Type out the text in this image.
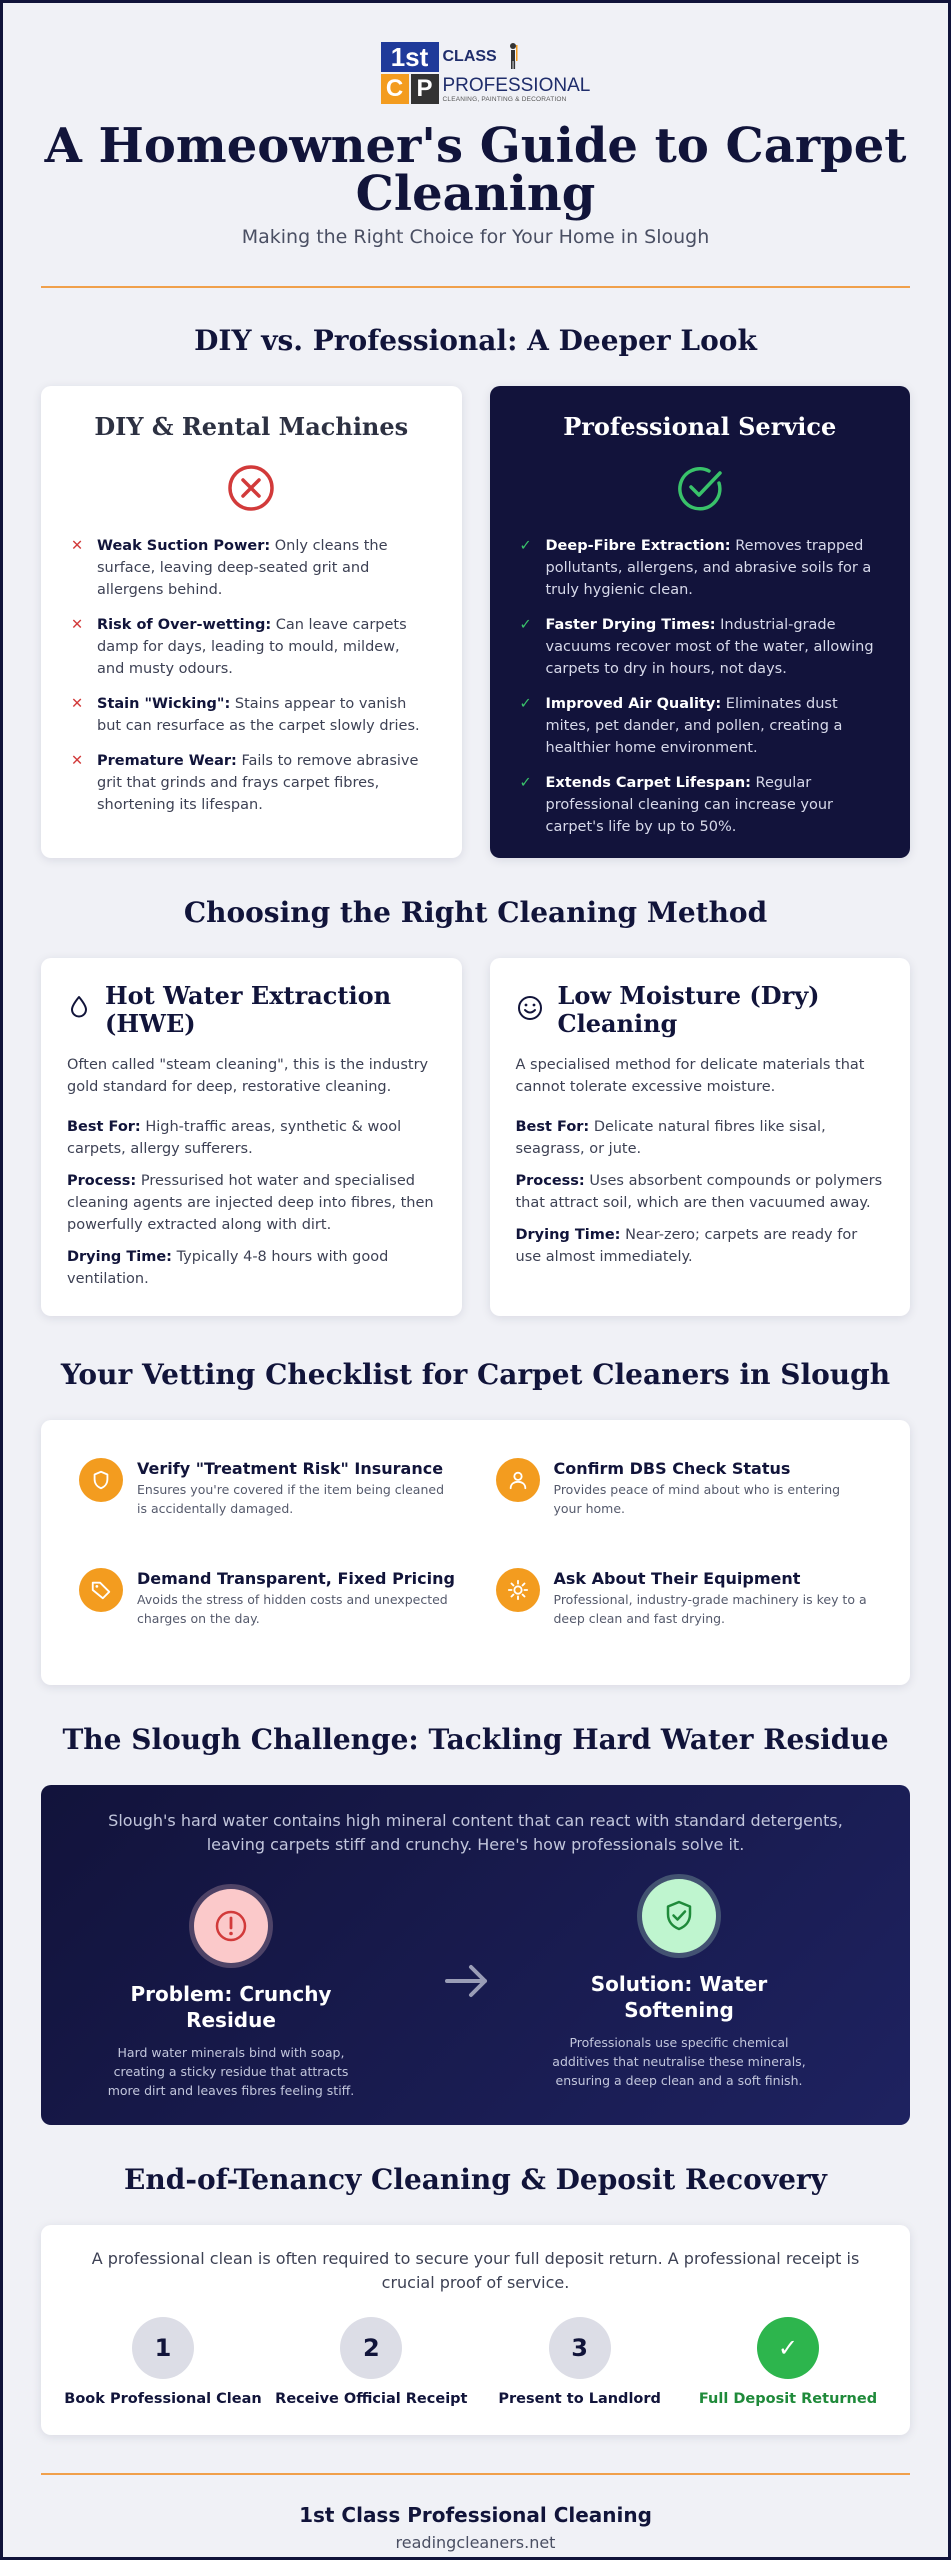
1st
C P
CLASS
PROFESSIONAL
CLEANING, PAINTING & DECORATION
A Homeowner's Guide to Carpet Cleaning
Making the Right Choice for Your Home in Slough
DIY vs. Professional: A Deeper Look
DIY & Rental Machines
✕ Weak Suction Power: Only cleans the surface, leaving deep-seated grit and allergens behind.
✕ Risk of Over-wetting: Can leave carpets damp for days, leading to mould, mildew, and musty odours.
✕ Stain "Wicking": Stains appear to vanish but can resurface as the carpet slowly dries.
✕ Premature Wear: Fails to remove abrasive grit that grinds and frays carpet fibres, shortening its lifespan.
Professional Service
✓ Deep-Fibre Extraction: Removes trapped pollutants, allergens, and abrasive soils for a truly hygienic clean.
✓ Faster Drying Times: Industrial-grade vacuums recover most of the water, allowing carpets to dry in hours, not days.
✓ Improved Air Quality: Eliminates dust mites, pet dander, and pollen, creating a healthier home environment.
✓ Extends Carpet Lifespan: Regular professional cleaning can increase your carpet's life by up to 50%.
Choosing the Right Cleaning Method
Hot Water Extraction (HWE)

Often called "steam cleaning", this is the industry gold standard for deep, restorative cleaning.

Best For: High-traffic areas, synthetic & wool carpets, allergy sufferers.

Process: Pressurised hot water and specialised cleaning agents are injected deep into fibres, then powerfully extracted along with dirt.

Drying Time: Typically 4-8 hours with good ventilation.

Low Moisture (Dry) Cleaning

A specialised method for delicate materials that cannot tolerate excessive moisture.

Best For: Delicate natural fibres like sisal, seagrass, or jute.

Process: Uses absorbent compounds or polymers that attract soil, which are then vacuumed away.

Drying Time: Near-zero; carpets are ready for use almost immediately.

Your Vetting Checklist for Carpet Cleaners in Slough
Verify "Treatment Risk" Insurance
Ensures you're covered if the item being cleaned is accidentally damaged.
Confirm DBS Check Status
Provides peace of mind about who is entering your home.
Demand Transparent, Fixed Pricing
Avoids the stress of hidden costs and unexpected charges on the day.
Ask About Their Equipment
Professional, industry-grade machinery is key to a deep clean and fast drying.
The Slough Challenge: Tackling Hard Water Residue
Slough's hard water contains high mineral content that can react with standard detergents, leaving carpets stiff and crunchy. Here's how professionals solve it.
Problem: Crunchy Residue
Hard water minerals bind with soap, creating a sticky residue that attracts more dirt and leaves fibres feeling stiff.
Solution: Water Softening
Professionals use specific chemical additives that neutralise these minerals, ensuring a deep clean and a soft finish.
End-of-Tenancy Cleaning & Deposit Recovery
A professional clean is often required to secure your full deposit return. A professional receipt is crucial proof of service.
1
Book Professional Clean
2
Receive Official Receipt
3
Present to Landlord
✓
Full Deposit Returned
1st Class Professional Cleaning
readingcleaners.net
